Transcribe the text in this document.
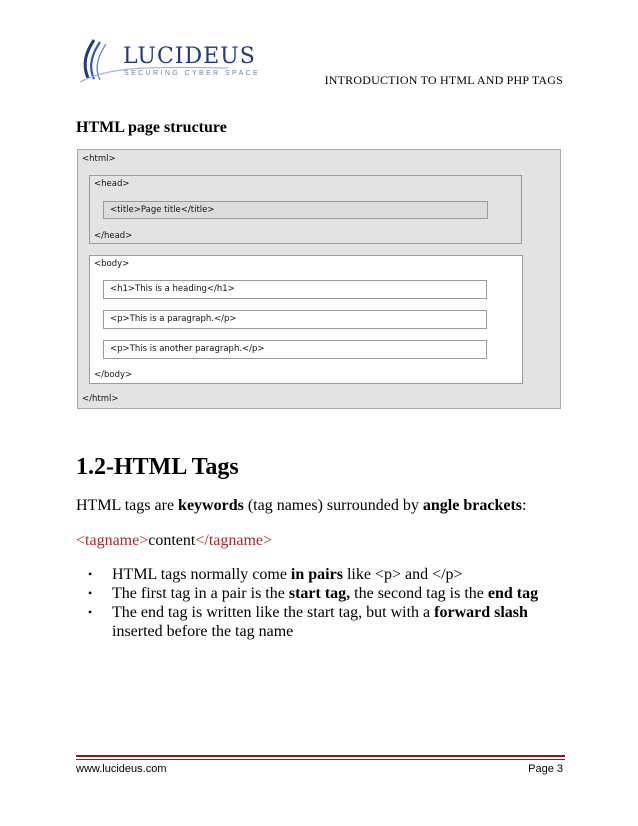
LUCIDEUS
SECURING CYBER SPACE	INTRODUCTION TO HTML AND PHP TAGS
HTML page structure
<html>
<head>
<title>Page title</title>
</head>
<body>
<h1>This is a heading</h1>
<p>This is a paragraph.</p>
<p>This is another paragraph.</p>
</body>
</html>
1.2-HTML Tags
HTML tags are keywords (tag names) surrounded by angle brackets:
<tagname>content</tagname>
• HTML tags normally come in pairs like <p> and </p>
• The first tag in a pair is the start tag, the second tag is the end tag
• The end tag is written like the start tag, but with a forward slash inserted before the tag name
www.lucideus.com	Page 3
